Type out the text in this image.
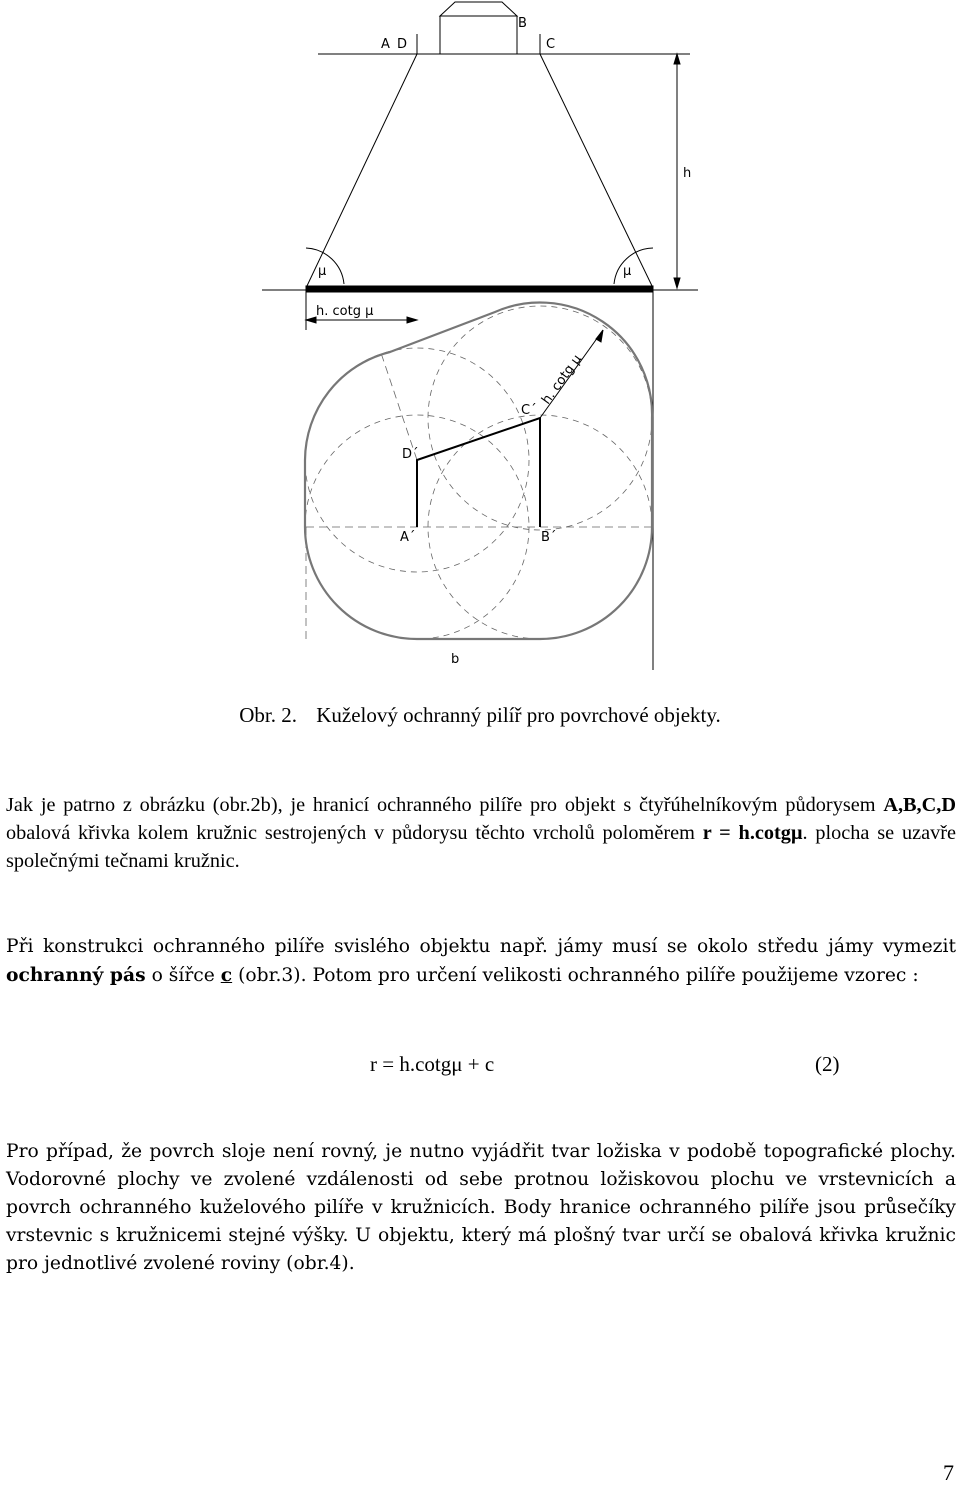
A D
B
C
h
μ	μ
h. cotg μ
h. cotg μ
A´	B´
C´
D´
b
Obr. 2. Kuželový ochranný pilíř pro povrchové objekty.

Jak je patrno z obrázku (obr.2b), je hranicí ochranného pilíře pro objekt s čtyřúhelníkovým půdorysem A,B,C,D obalová křivka kolem kružnic sestrojených v půdorysu těchto vrcholů poloměrem r = h.cotgμ. plocha se uzavře společnými tečnami kružnic.

Při konstrukci ochranného pilíře svislého objektu např. jámy musí se okolo středu jámy vymezit ochranný pás o šířce c (obr.3). Potom pro určení velikosti ochranného pilíře použijeme vzorec :

r = h.cotgμ + c	(2)

Pro případ, že povrch sloje není rovný, je nutno vyjádřit tvar ložiska v podobě topografické plochy. Vodorovné plochy ve zvolené vzdálenosti od sebe protnou ložiskovou plochu ve vrstevnicích a povrch ochranného kuželového pilíře v kružnicích. Body hranice ochranného pilíře jsou průsečíky vrstevnic s kružnicemi stejné výšky. U objektu, který má plošný tvar určí se obalová křivka kružnic pro jednotlivé zvolené roviny (obr.4).

7
